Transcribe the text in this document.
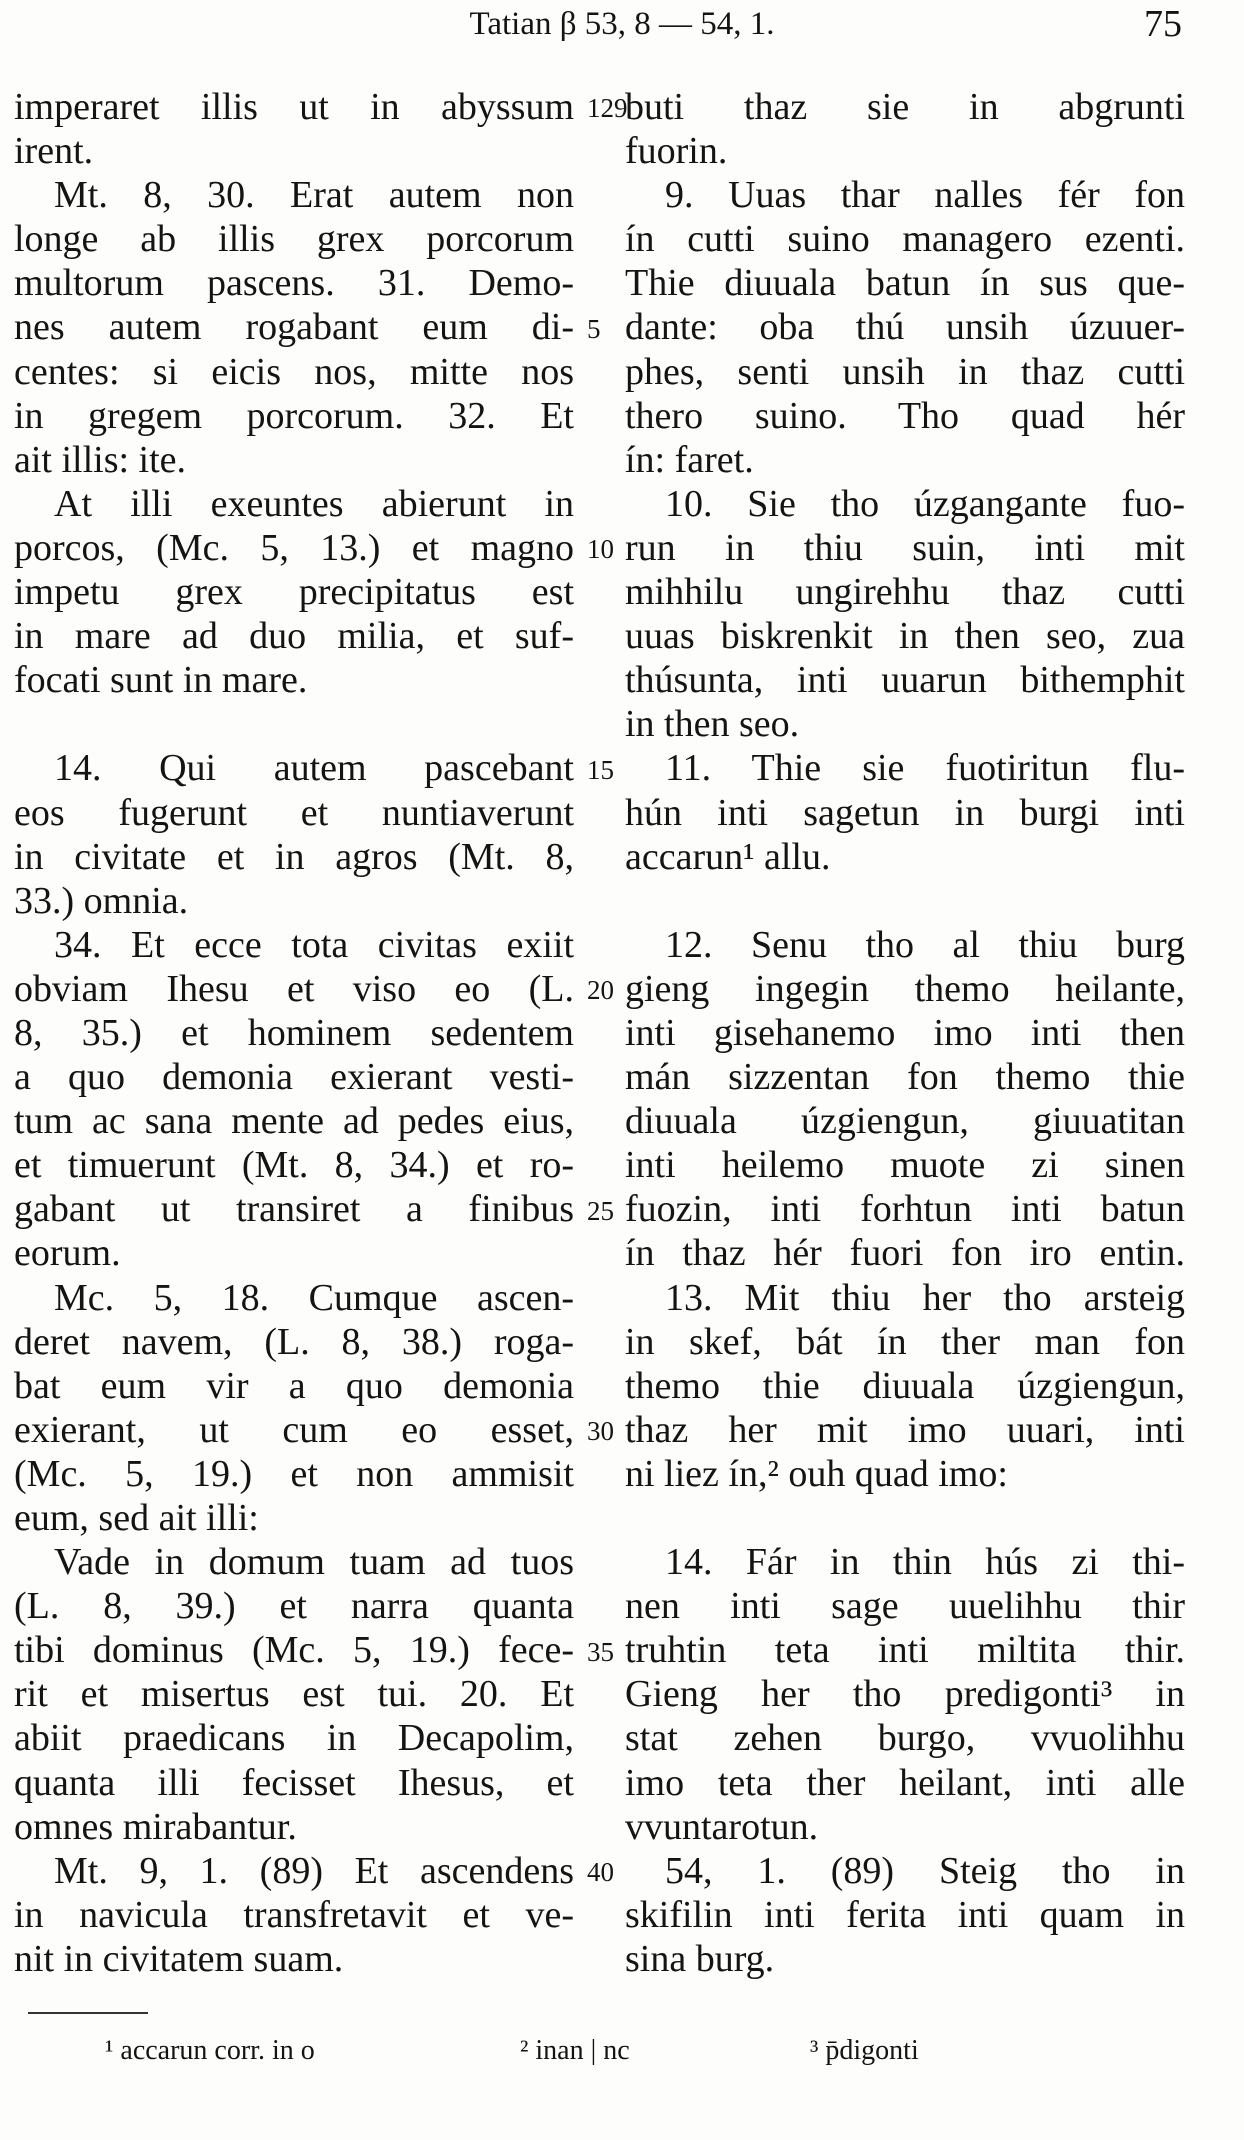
Tatian β 53, 8 — 54, 1.	75
imperaret illis ut in abyssum
irent.
Mt. 8, 30. Erat autem non
longe ab illis grex porcorum
multorum pascens. 31. Demo-
nes autem rogabant eum di-
centes: si eicis nos, mitte nos
in gregem porcorum. 32. Et
ait illis: ite.
At illi exeuntes abierunt in
porcos, (Mc. 5, 13.) et magno
impetu grex precipitatus est
in mare ad duo milia, et suf-
focati sunt in mare.
14. Qui autem pascebant
eos fugerunt et nuntiaverunt
in civitate et in agros (Mt. 8,
33.) omnia.
34. Et ecce tota civitas exiit
obviam Ihesu et viso eo (L.
8, 35.) et hominem sedentem
a quo demonia exierant vesti-
tum ac sana mente ad pedes eius,
et timuerunt (Mt. 8, 34.) et ro-
gabant ut transiret a finibus
eorum.
Mc. 5, 18. Cumque ascen-
deret navem, (L. 8, 38.) roga-
bat eum vir a quo demonia
exierant, ut cum eo esset,
(Mc. 5, 19.) et non ammisit
eum, sed ait illi:
Vade in domum tuam ad tuos
(L. 8, 39.) et narra quanta
tibi dominus (Mc. 5, 19.) fece-
rit et misertus est tui. 20. Et
abiit praedicans in Decapolim,
quanta illi fecisset Ihesus, et
omnes mirabantur.
Mt. 9, 1. (89) Et ascendens
in navicula transfretavit et ve-
nit in civitatem suam.
129
5
10
15
20
25
30
35
40
buti thaz sie in abgrunti
fuorin.
9. Uuas thar nalles fér fon
ín cutti suino managero ezenti.
Thie diuuala batun ín sus que-
dante: oba thú unsih úzuuer-
phes, senti unsih in thaz cutti
thero suino. Tho quad hér
ín: faret.
10. Sie tho úzgangante fuo-
run in thiu suin, inti mit
mihhilu ungirehhu thaz cutti
uuas biskrenkit in then seo, zua
thúsunta, inti uuarun bithemphit
in then seo.
11. Thie sie fuotiritun flu-
hún inti sagetun in burgi inti
accarun¹ allu.
12. Senu tho al thiu burg
gieng ingegin themo heilante,
inti gisehanemo imo inti then
mán sizzentan fon themo thie
diuuala úzgiengun, giuuatitan
inti heilemo muote zi sinen
fuozin, inti forhtun inti batun
ín thaz hér fuori fon iro entin.
13. Mit thiu her tho arsteig
in skef, bát ín ther man fon
themo thie diuuala úzgiengun,
thaz her mit imo uuari, inti
ni liez ín,² ouh quad imo:
14. Fár in thin hús zi thi-
nen inti sage uuelihhu thir
truhtin teta inti miltita thir.
Gieng her tho predigonti³ in
stat zehen burgo, vvuolihhu
imo teta ther heilant, inti alle
vvuntarotun.
54, 1. (89) Steig tho in
skifilin inti ferita inti quam in
sina burg.
¹ accarun corr. in o	² inan | nc	³ p̄digonti
